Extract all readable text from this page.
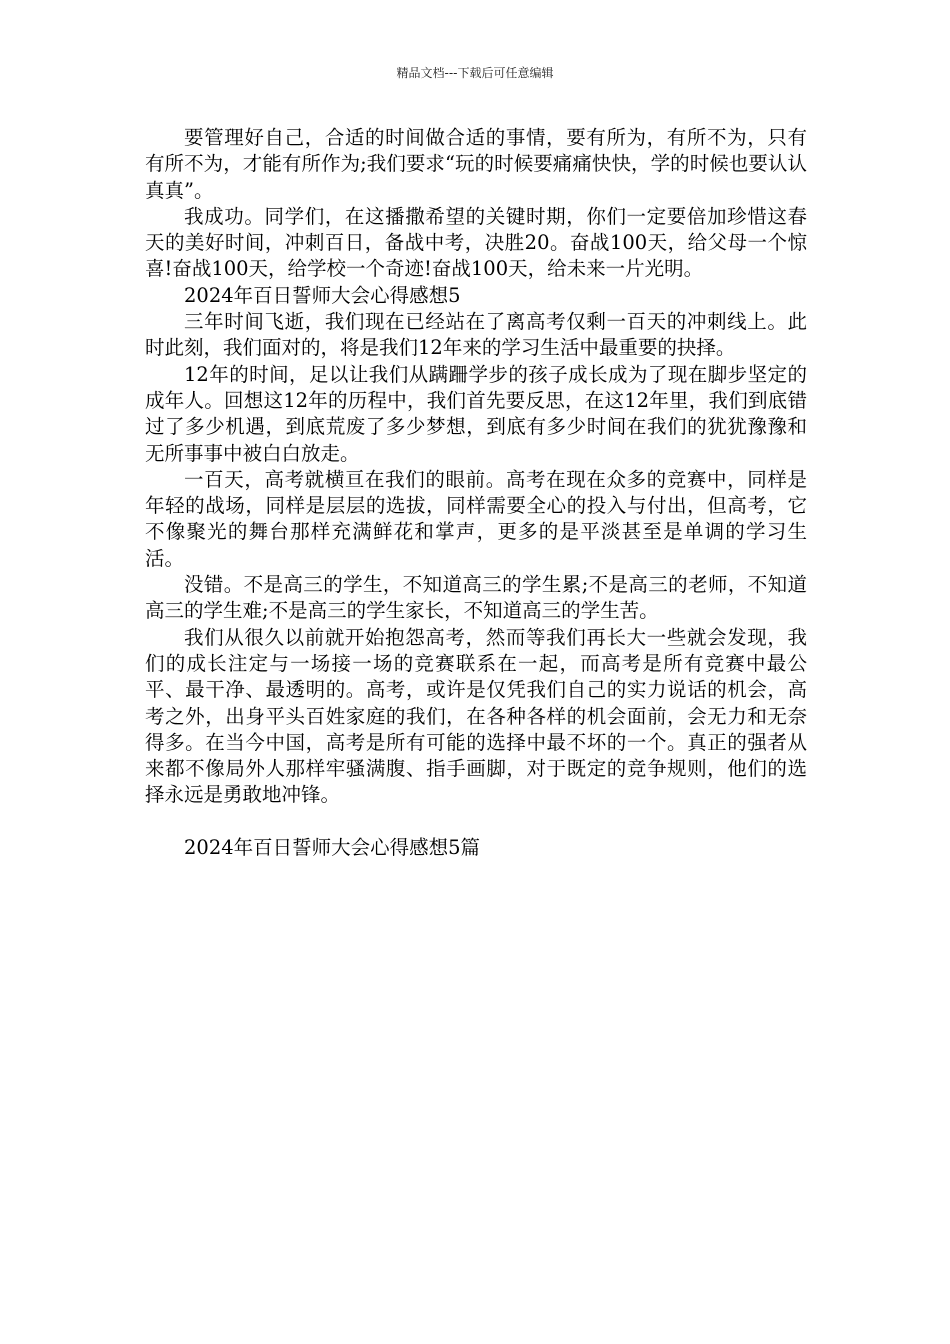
精品文档---下载后可任意编辑

要管理好自己，合适的时间做合适的事情，要有所为，有所不为，只有有所不为，才能有所作为;我们要求“玩的时候要痛痛快快，学的时候也要认认真真”。

我成功。同学们，在这播撒希望的关键时期，你们一定要倍加珍惜这春天的美好时间，冲刺百日，备战中考，决胜20。奋战100天，给父母一个惊喜!奋战100天，给学校一个奇迹!奋战100天，给未来一片光明。

2024年百日誓师大会心得感想5

三年时间飞逝，我们现在已经站在了离高考仅剩一百天的冲刺线上。此时此刻，我们面对的，将是我们12年来的学习生活中最重要的抉择。

12年的时间，足以让我们从蹒跚学步的孩子成长成为了现在脚步坚定的成年人。回想这12年的历程中，我们首先要反思，在这12年里，我们到底错过了多少机遇，到底荒废了多少梦想，到底有多少时间在我们的犹犹豫豫和无所事事中被白白放走。

一百天，高考就横亘在我们的眼前。高考在现在众多的竞赛中，同样是年轻的战场，同样是层层的选拔，同样需要全心的投入与付出，但高考，它不像聚光的舞台那样充满鲜花和掌声，更多的是平淡甚至是单调的学习生活。

没错。不是高三的学生，不知道高三的学生累;不是高三的老师，不知道高三的学生难;不是高三的学生家长，不知道高三的学生苦。

我们从很久以前就开始抱怨高考，然而等我们再长大一些就会发现，我们的成长注定与一场接一场的竞赛联系在一起，而高考是所有竞赛中最公平、最干净、最透明的。高考，或许是仅凭我们自己的实力说话的机会，高考之外，出身平头百姓家庭的我们，在各种各样的机会面前，会无力和无奈得多。在当今中国，高考是所有可能的选择中最不坏的一个。真正的强者从来都不像局外人那样牢骚满腹、指手画脚，对于既定的竞争规则，他们的选择永远是勇敢地冲锋。

2024年百日誓师大会心得感想5篇
